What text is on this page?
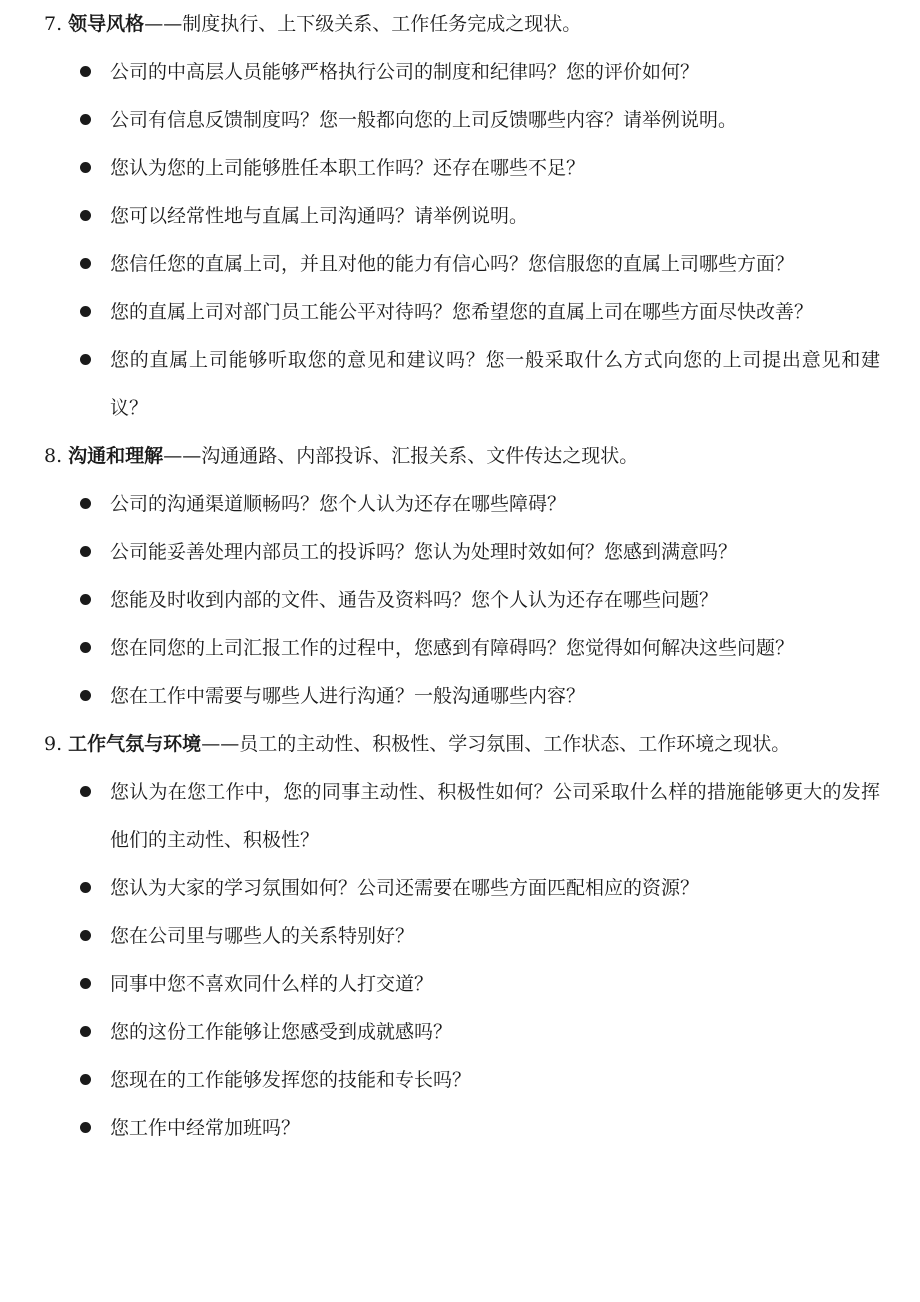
7. 领导风格——制度执行、上下级关系、工作任务完成之现状。
公司的中高层人员能够严格执行公司的制度和纪律吗？您的评价如何？
公司有信息反馈制度吗？您一般都向您的上司反馈哪些内容？请举例说明。
您认为您的上司能够胜任本职工作吗？还存在哪些不足？
您可以经常性地与直属上司沟通吗？请举例说明。
您信任您的直属上司，并且对他的能力有信心吗？您信服您的直属上司哪些方面？
您的直属上司对部门员工能公平对待吗？您希望您的直属上司在哪些方面尽快改善？
您的直属上司能够听取您的意见和建议吗？您一般采取什么方式向您的上司提出意见和建议？
8. 沟通和理解——沟通通路、内部投诉、汇报关系、文件传达之现状。
公司的沟通渠道顺畅吗？您个人认为还存在哪些障碍？
公司能妥善处理内部员工的投诉吗？您认为处理时效如何？您感到满意吗？
您能及时收到内部的文件、通告及资料吗？您个人认为还存在哪些问题？
您在同您的上司汇报工作的过程中，您感到有障碍吗？您觉得如何解决这些问题？
您在工作中需要与哪些人进行沟通？一般沟通哪些内容？
9. 工作气氛与环境——员工的主动性、积极性、学习氛围、工作状态、工作环境之现状。
您认为在您工作中，您的同事主动性、积极性如何？公司采取什么样的措施能够更大的发挥他们的主动性、积极性？
您认为大家的学习氛围如何？公司还需要在哪些方面匹配相应的资源？
您在公司里与哪些人的关系特别好？
同事中您不喜欢同什么样的人打交道？
您的这份工作能够让您感受到成就感吗？
您现在的工作能够发挥您的技能和专长吗？
您工作中经常加班吗？
